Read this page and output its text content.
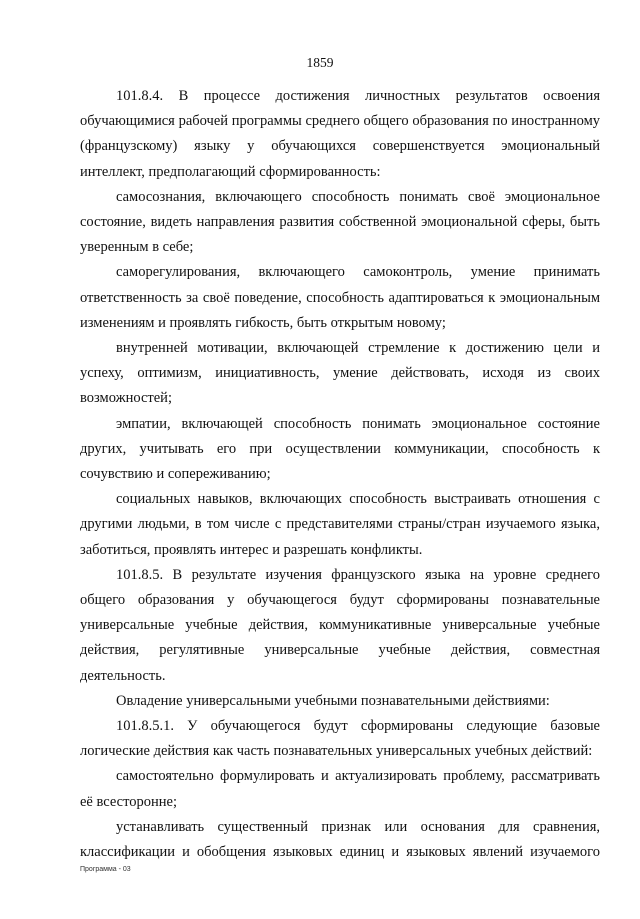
1859

101.8.4. В процессе достижения личностных результатов освоения обучающимися рабочей программы среднего общего образования по иностранному (французскому) языку у обучающихся совершенствуется эмоциональный интеллект, предполагающий сформированность:

самосознания, включающего способность понимать своё эмоциональное состояние, видеть направления развития собственной эмоциональной сферы, быть уверенным в себе;

саморегулирования, включающего самоконтроль, умение принимать ответственность за своё поведение, способность адаптироваться к эмоциональным изменениям и проявлять гибкость, быть открытым новому;

внутренней мотивации, включающей стремление к достижению цели и успеху, оптимизм, инициативность, умение действовать, исходя из своих возможностей;

эмпатии, включающей способность понимать эмоциональное состояние других, учитывать его при осуществлении коммуникации, способность к сочувствию и сопереживанию;

социальных навыков, включающих способность выстраивать отношения с другими людьми, в том числе с представителями страны/стран изучаемого языка, заботиться, проявлять интерес и разрешать конфликты.

101.8.5. В результате изучения французского языка на уровне среднего общего образования у обучающегося будут сформированы познавательные универсальные учебные действия, коммуникативные универсальные учебные действия, регулятивные универсальные учебные действия, совместная деятельность.

Овладение универсальными учебными познавательными действиями:

101.8.5.1. У обучающегося будут сформированы следующие базовые логические действия как часть познавательных универсальных учебных действий:

самостоятельно формулировать и актуализировать проблему, рассматривать её всесторонне;

устанавливать существенный признак или основания для сравнения, классификации и обобщения языковых единиц и языковых явлений изучаемого

Программа - 03
